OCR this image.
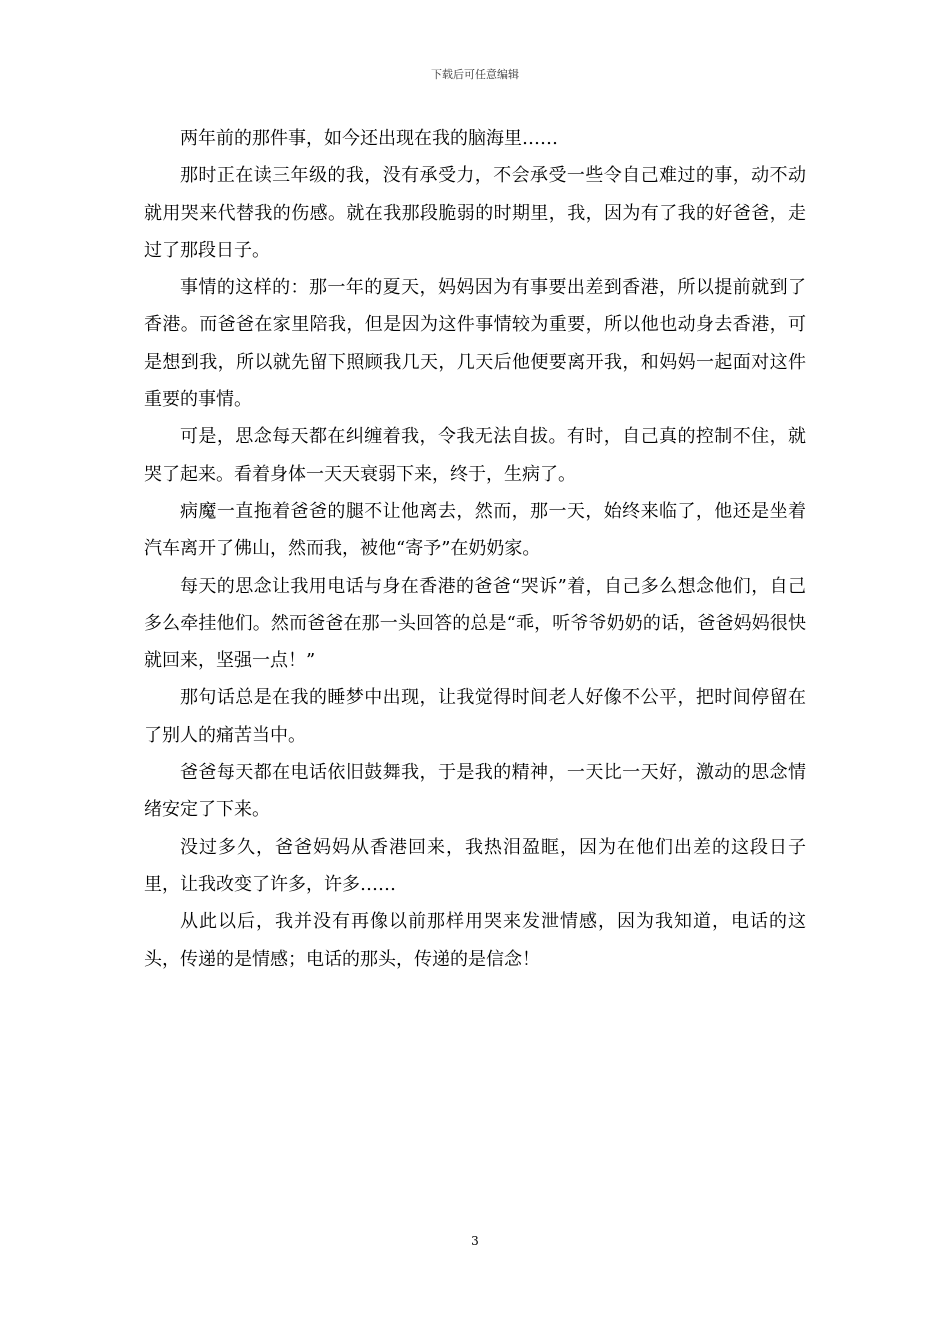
下载后可任意编辑

两年前的那件事，如今还出现在我的脑海里……

那时正在读三年级的我，没有承受力，不会承受一些令自己难过的事，动不动就用哭来代替我的伤感。就在我那段脆弱的时期里，我，因为有了我的好爸爸，走过了那段日子。

事情的这样的：那一年的夏天，妈妈因为有事要出差到香港，所以提前就到了香港。而爸爸在家里陪我，但是因为这件事情较为重要，所以他也动身去香港，可是想到我，所以就先留下照顾我几天，几天后他便要离开我，和妈妈一起面对这件重要的事情。

可是，思念每天都在纠缠着我，令我无法自拔。有时，自己真的控制不住，就哭了起来。看着身体一天天衰弱下来，终于，生病了。

病魔一直拖着爸爸的腿不让他离去，然而，那一天，始终来临了，他还是坐着汽车离开了佛山，然而我，被他“寄予”在奶奶家。

每天的思念让我用电话与身在香港的爸爸“哭诉”着，自己多么想念他们，自己多么牵挂他们。然而爸爸在那一头回答的总是“乖，听爷爷奶奶的话，爸爸妈妈很快就回来，坚强一点！”

那句话总是在我的睡梦中出现，让我觉得时间老人好像不公平，把时间停留在了别人的痛苦当中。

爸爸每天都在电话依旧鼓舞我，于是我的精神，一天比一天好，激动的思念情绪安定了下来。

没过多久，爸爸妈妈从香港回来，我热泪盈眶，因为在他们出差的这段日子里，让我改变了许多，许多……

从此以后，我并没有再像以前那样用哭来发泄情感，因为我知道，电话的这头，传递的是情感；电话的那头，传递的是信念！

3
